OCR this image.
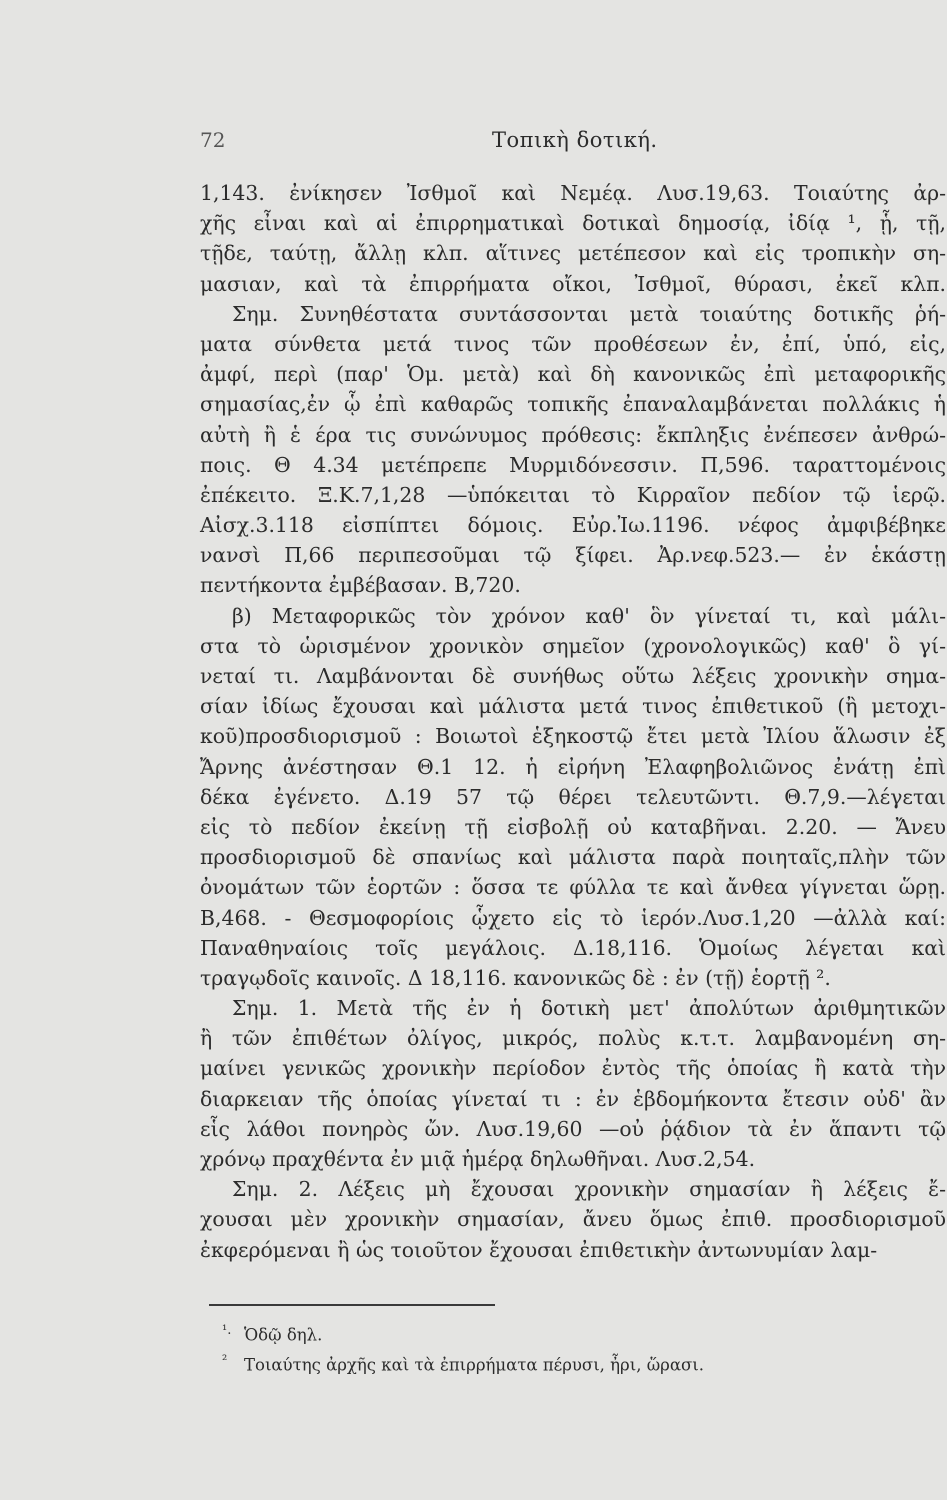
72	Τοπικὴ δοτική.
1,143. ἐνίκησεν Ἰσθμοῖ καὶ Νεμέᾳ. Λυσ.19,63. Τοιαύτης ἀρ-
χῆς εἶναι καὶ αἱ ἐπιρρηματικαὶ δοτικαὶ δημοσίᾳ, ἰδίᾳ ¹, ᾗ, τῇ,
τῇδε, ταύτῃ, ἄλλῃ κλπ. αἵτινες μετέπεσον καὶ εἰς τροπικὴν ση-
μασιαν, καὶ τὰ ἐπιρρήματα οἴκοι, Ἰσθμοῖ, θύρασι, ἐκεῖ κλπ.
Σημ. Συνηθέστατα συντάσσονται μετὰ τοιαύτης δοτικῆς ῥή-
ματα σύνθετα μετά τινος τῶν προθέσεων ἐν, ἐπί, ὑπό, εἰς,
ἀμφί, περὶ (παρ' Ὁμ. μετὰ) καὶ δὴ κανονικῶς ἐπὶ μεταφορικῆς
σημασίας,ἐν ᾧ ἐπὶ καθαρῶς τοπικῆς ἐπαναλαμβάνεται πολλάκις ἡ
αὐτὴ ἢ ἑ έρα τις συνώνυμος πρόθεσις: ἔκπληξις ἐνέπεσεν ἀνθρώ-
ποις. Θ 4.34 μετέπρεπε Μυρμιδόνεσσιν. Π,596. ταραττομένοις
ἐπέκειτο. Ξ.Κ.7,1,28 —ὑπόκειται τὸ Κιρραῖον πεδίον τῷ ἱερῷ.
Αἰσχ.3.118 εἰσπίπτει δόμοις. Εὐρ.Ἰω.1196. νέφος ἀμφιβέβηκε
νανσὶ Π,66 περιπεσοῦμαι τῷ ξίφει. Ἀρ.νεφ.523.— ἐν ἑκάστῃ
πεντήκοντα ἐμβέβασαν. Β,720.
β) Μεταφορικῶς τὸν χρόνον καθ' ὃν γίνεταί τι, καὶ μάλι-
στα τὸ ὡρισμένον χρονικὸν σημεῖον (χρονολογικῶς) καθ' ὃ γί-
νεταί τι. Λαμβάνονται δὲ συνήθως οὕτω λέξεις χρονικὴν σημα-
σίαν ἰδίως ἔχουσαι καὶ μάλιστα μετά τινος ἐπιθετικοῦ (ἢ μετοχι-
κοῦ)προσδιορισμοῦ : Βοιωτοὶ ἑξηκοστῷ ἔτει μετὰ Ἰλίου ἅλωσιν ἐξ
Ἄρνης ἀνέστησαν Θ.1 12. ἡ εἰρήνη Ἐλαφηβολιῶνος ἐνάτῃ ἐπὶ
δέκα ἐγένετο. Δ.19 57 τῷ θέρει τελευτῶντι. Θ.7,9.—λέγεται
εἰς τὸ πεδίον ἐκείνῃ τῇ εἰσβολῇ οὐ καταβῆναι. 2.20. — Ἄνευ
προσδιορισμοῦ δὲ σπανίως καὶ μάλιστα παρὰ ποιηταῖς,πλὴν τῶν
ὀνομάτων τῶν ἑορτῶν : ὅσσα τε φύλλα τε καὶ ἄνθεα γίγνεται ὥρῃ.
Β,468. - Θεσμοφορίοις ᾧχετο εἰς τὸ ἱερόν.Λυσ.1,20 —ἀλλὰ καί:
Παναθηναίοις τοῖς μεγάλοις. Δ.18,116. Ὁμοίως λέγεται καὶ
τραγῳδοῖς καινοῖς. Δ 18,116. κανονικῶς δὲ : ἐν (τῇ) ἑορτῇ ².
Σημ. 1. Μετὰ τῆς ἐν ἡ δοτικὴ μετ' ἀπολύτων ἀριθμητικῶν
ἢ τῶν ἐπιθέτων ὀλίγος, μικρός, πολὺς κ.τ.τ. λαμβανομένη ση-
μαίνει γενικῶς χρονικὴν περίοδον ἐντὸς τῆς ὁποίας ἢ κατὰ τὴν
διαρκειαν τῆς ὁποίας γίνεταί τι : ἐν ἑβδομήκοντα ἔτεσιν οὐδ' ἂν
εἷς λάθοι πονηρὸς ὤν. Λυσ.19,60 —οὐ ῥᾴδιον τὰ ἐν ἅπαντι τῷ
χρόνῳ πραχθέντα ἐν μιᾷ ἡμέρᾳ δηλωθῆναι. Λυσ.2,54.
Σημ. 2. Λέξεις μὴ ἔχουσαι χρονικὴν σημασίαν ἢ λέξεις ἔ-
χουσαι μὲν χρονικὴν σημασίαν, ἄνευ ὅμως ἐπιθ. προσδιορισμοῦ
ἐκφερόμεναι ἢ ὡς τοιοῦτον ἔχουσαι ἐπιθετικὴν ἀντωνυμίαν λαμ-
¹. Ὁδῷ δηλ.
² Τοιαύτης ἀρχῆς καὶ τὰ ἐπιρρήματα πέρυσι, ἦρι, ὥρασι.
